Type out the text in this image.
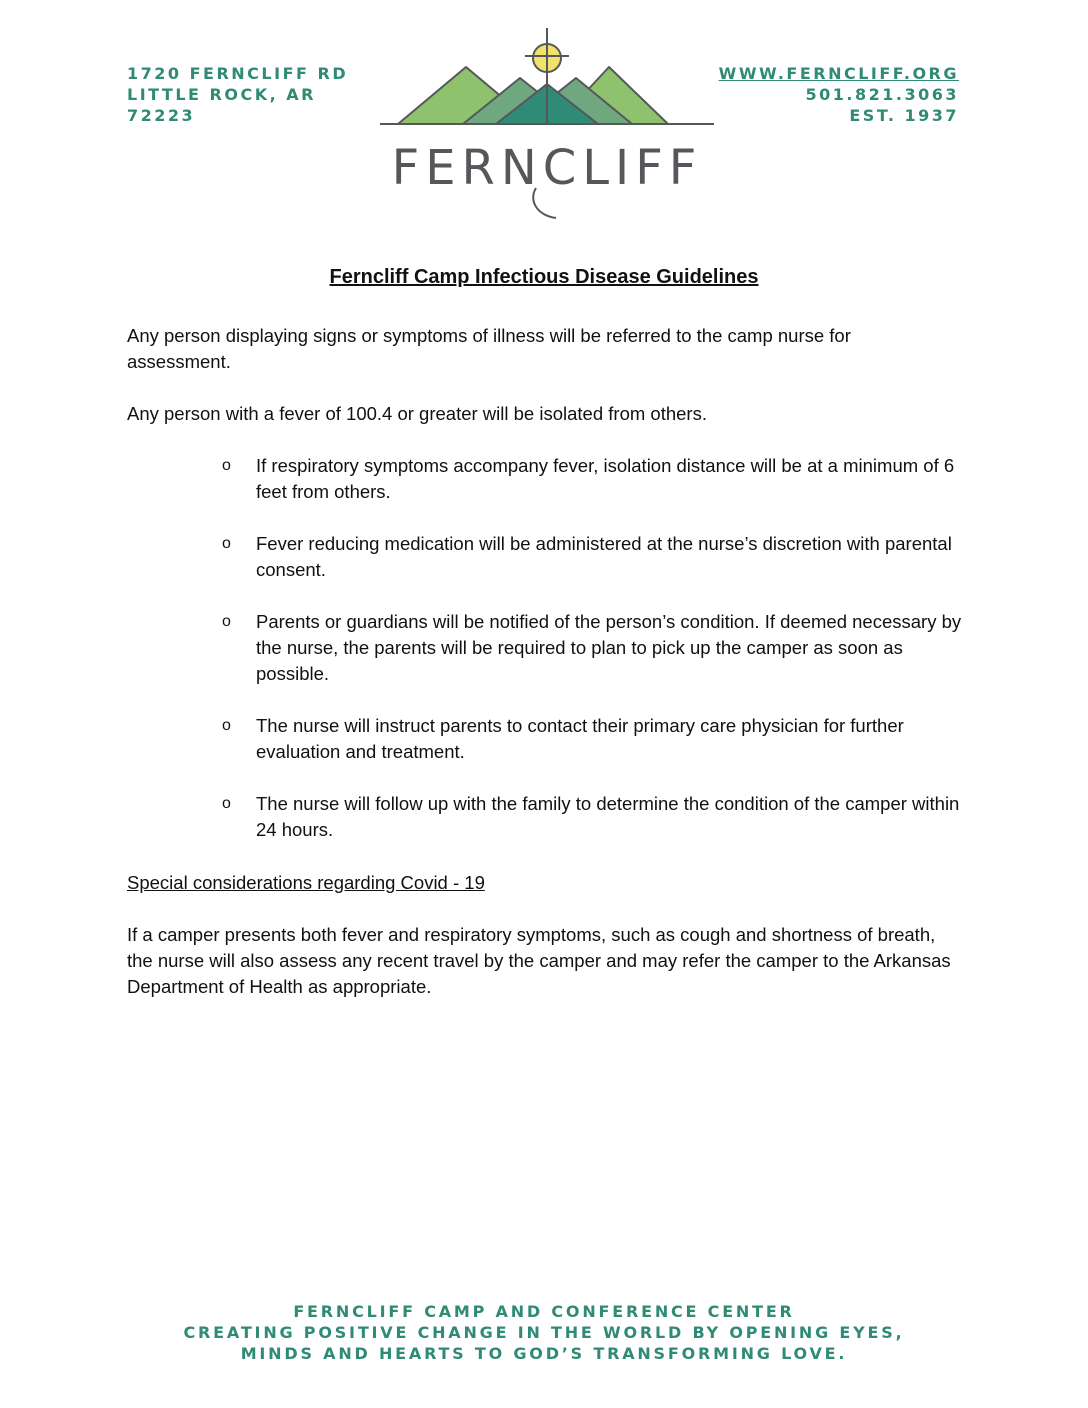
1720 FERNCLIFF RD
LITTLE ROCK, AR
72223
WWW.FERNCLIFF.ORG
501.821.3063
EST. 1937
FERNCLIFF
Ferncliff Camp Infectious Disease Guidelines
Any person displaying signs or symptoms of illness will be referred to the camp nurse for assessment.
Any person with a fever of 100.4 or greater will be isolated from others.
o If respiratory symptoms accompany fever, isolation distance will be at a minimum of 6 feet from others.
o Fever reducing medication will be administered at the nurse’s discretion with parental consent.
o Parents or guardians will be notified of the person’s condition. If deemed necessary by the nurse, the parents will be required to plan to pick up the camper as soon as possible.
o The nurse will instruct parents to contact their primary care physician for further evaluation and treatment.
o The nurse will follow up with the family to determine the condition of the camper within 24 hours.
Special considerations regarding Covid - 19
If a camper presents both fever and respiratory symptoms, such as cough and shortness of breath, the nurse will also assess any recent travel by the camper and may refer the camper to the Arkansas Department of Health as appropriate.
FERNCLIFF CAMP AND CONFERENCE CENTER
CREATING POSITIVE CHANGE IN THE WORLD BY OPENING EYES,
MINDS AND HEARTS TO GOD’S TRANSFORMING LOVE.
